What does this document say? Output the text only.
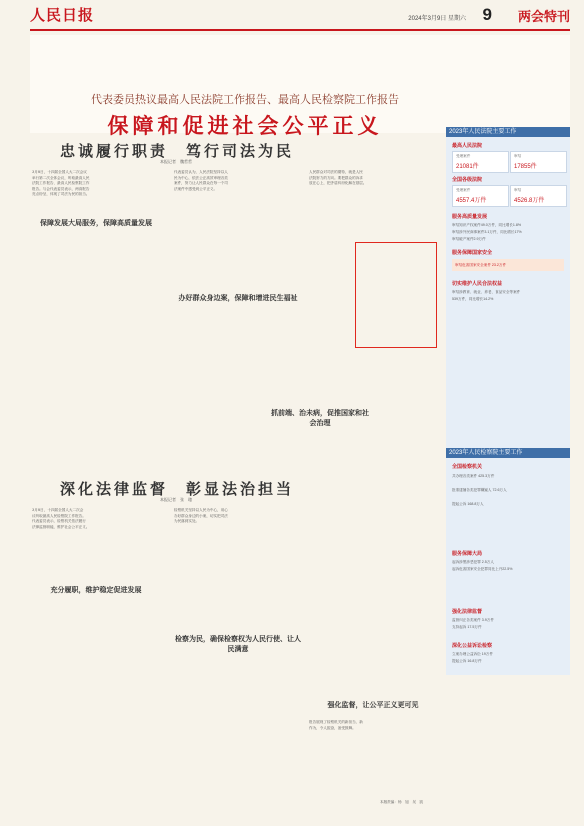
人民日报	2024年3月9日 星期六 9 两会特刊
代表委员热议最高人民法院工作报告、最高人民检察院工作报告
保障和促进社会公平正义
忠诚履行职责　笃行司法为民
本报记者　魏哲哲
3月8日，十四届全国人大二次会议
举行第二次全体会议，听取最高人民
法院工作报告、最高人民检察院工作
报告。与会代表委员表示，两高报告
亮点纷呈，体现了司法为民的担当。
保障发展大局服务，保障高质量发展
代表委员认为，人民法院坚持以人
民为中心，依法公正高效审理各类
案件，努力让人民群众在每一个司
法案件中感受到公平正义。
办好群众身边案，保障和增进民生福祉
人民群众对司法的期待，就是人民
法院努力的方向。要把群众的诉求
放在心上，把矛盾纠纷化解在基层。
抓前端、治未病，促推国家和社会治理
深化法律监督　彰显法治担当
本报记者　张　璁
3月8日，十四届全国人大二次会
议听取最高人民检察院工作报告。
代表委员表示，检察机关依法履行
法律监督职能，维护社会公平正义。
充分履职，维护稳定促进发展
检察机关坚持以人民为中心，用心
办好群众身边的小案，切实把司法
为民落到实处。
检察为民，确保检察权为人民行使、让人民满意
强化监督，让公平正义更可见
报告展现了检察机关的新担当、新
作为，令人振奋，备受鼓舞。
本版责编：杨　旭　吴　凯
2023年人民法院主要工作
最高人民法院
受理案件
21081件
审结
17855件
全国各级法院
受理案件
4557.4万件
审结
4526.8万件
服务高质量发展
审结知识产权案件49.0万件，同比增长1.8%
审结涉外民商事案件3.1万件，同比增长17%
审结破产案件2.9万件
服务保障国家安全
审结危害国家安全案件 23.2万件
切实维护人民合法权益
审结涉教育、就业、养老、食品安全等案件
539万件，同比增长14.2%
2023年人民检察院主要工作
全国检察机关
共办理各类案件 425.3万件
批准逮捕各类犯罪嫌疑人 72.6万人
提起公诉 168.8万人
服务保障大局
起诉涉黑涉恶犯罪 2.5万人
起诉危害国家安全犯罪同比上升22.5%
强化法律监督
监督纠正各类案件 3.9万件
支持起诉 17.5万件
深化公益诉讼检察
立案办理公益诉讼 19万件
提起公诉 16.8万件
